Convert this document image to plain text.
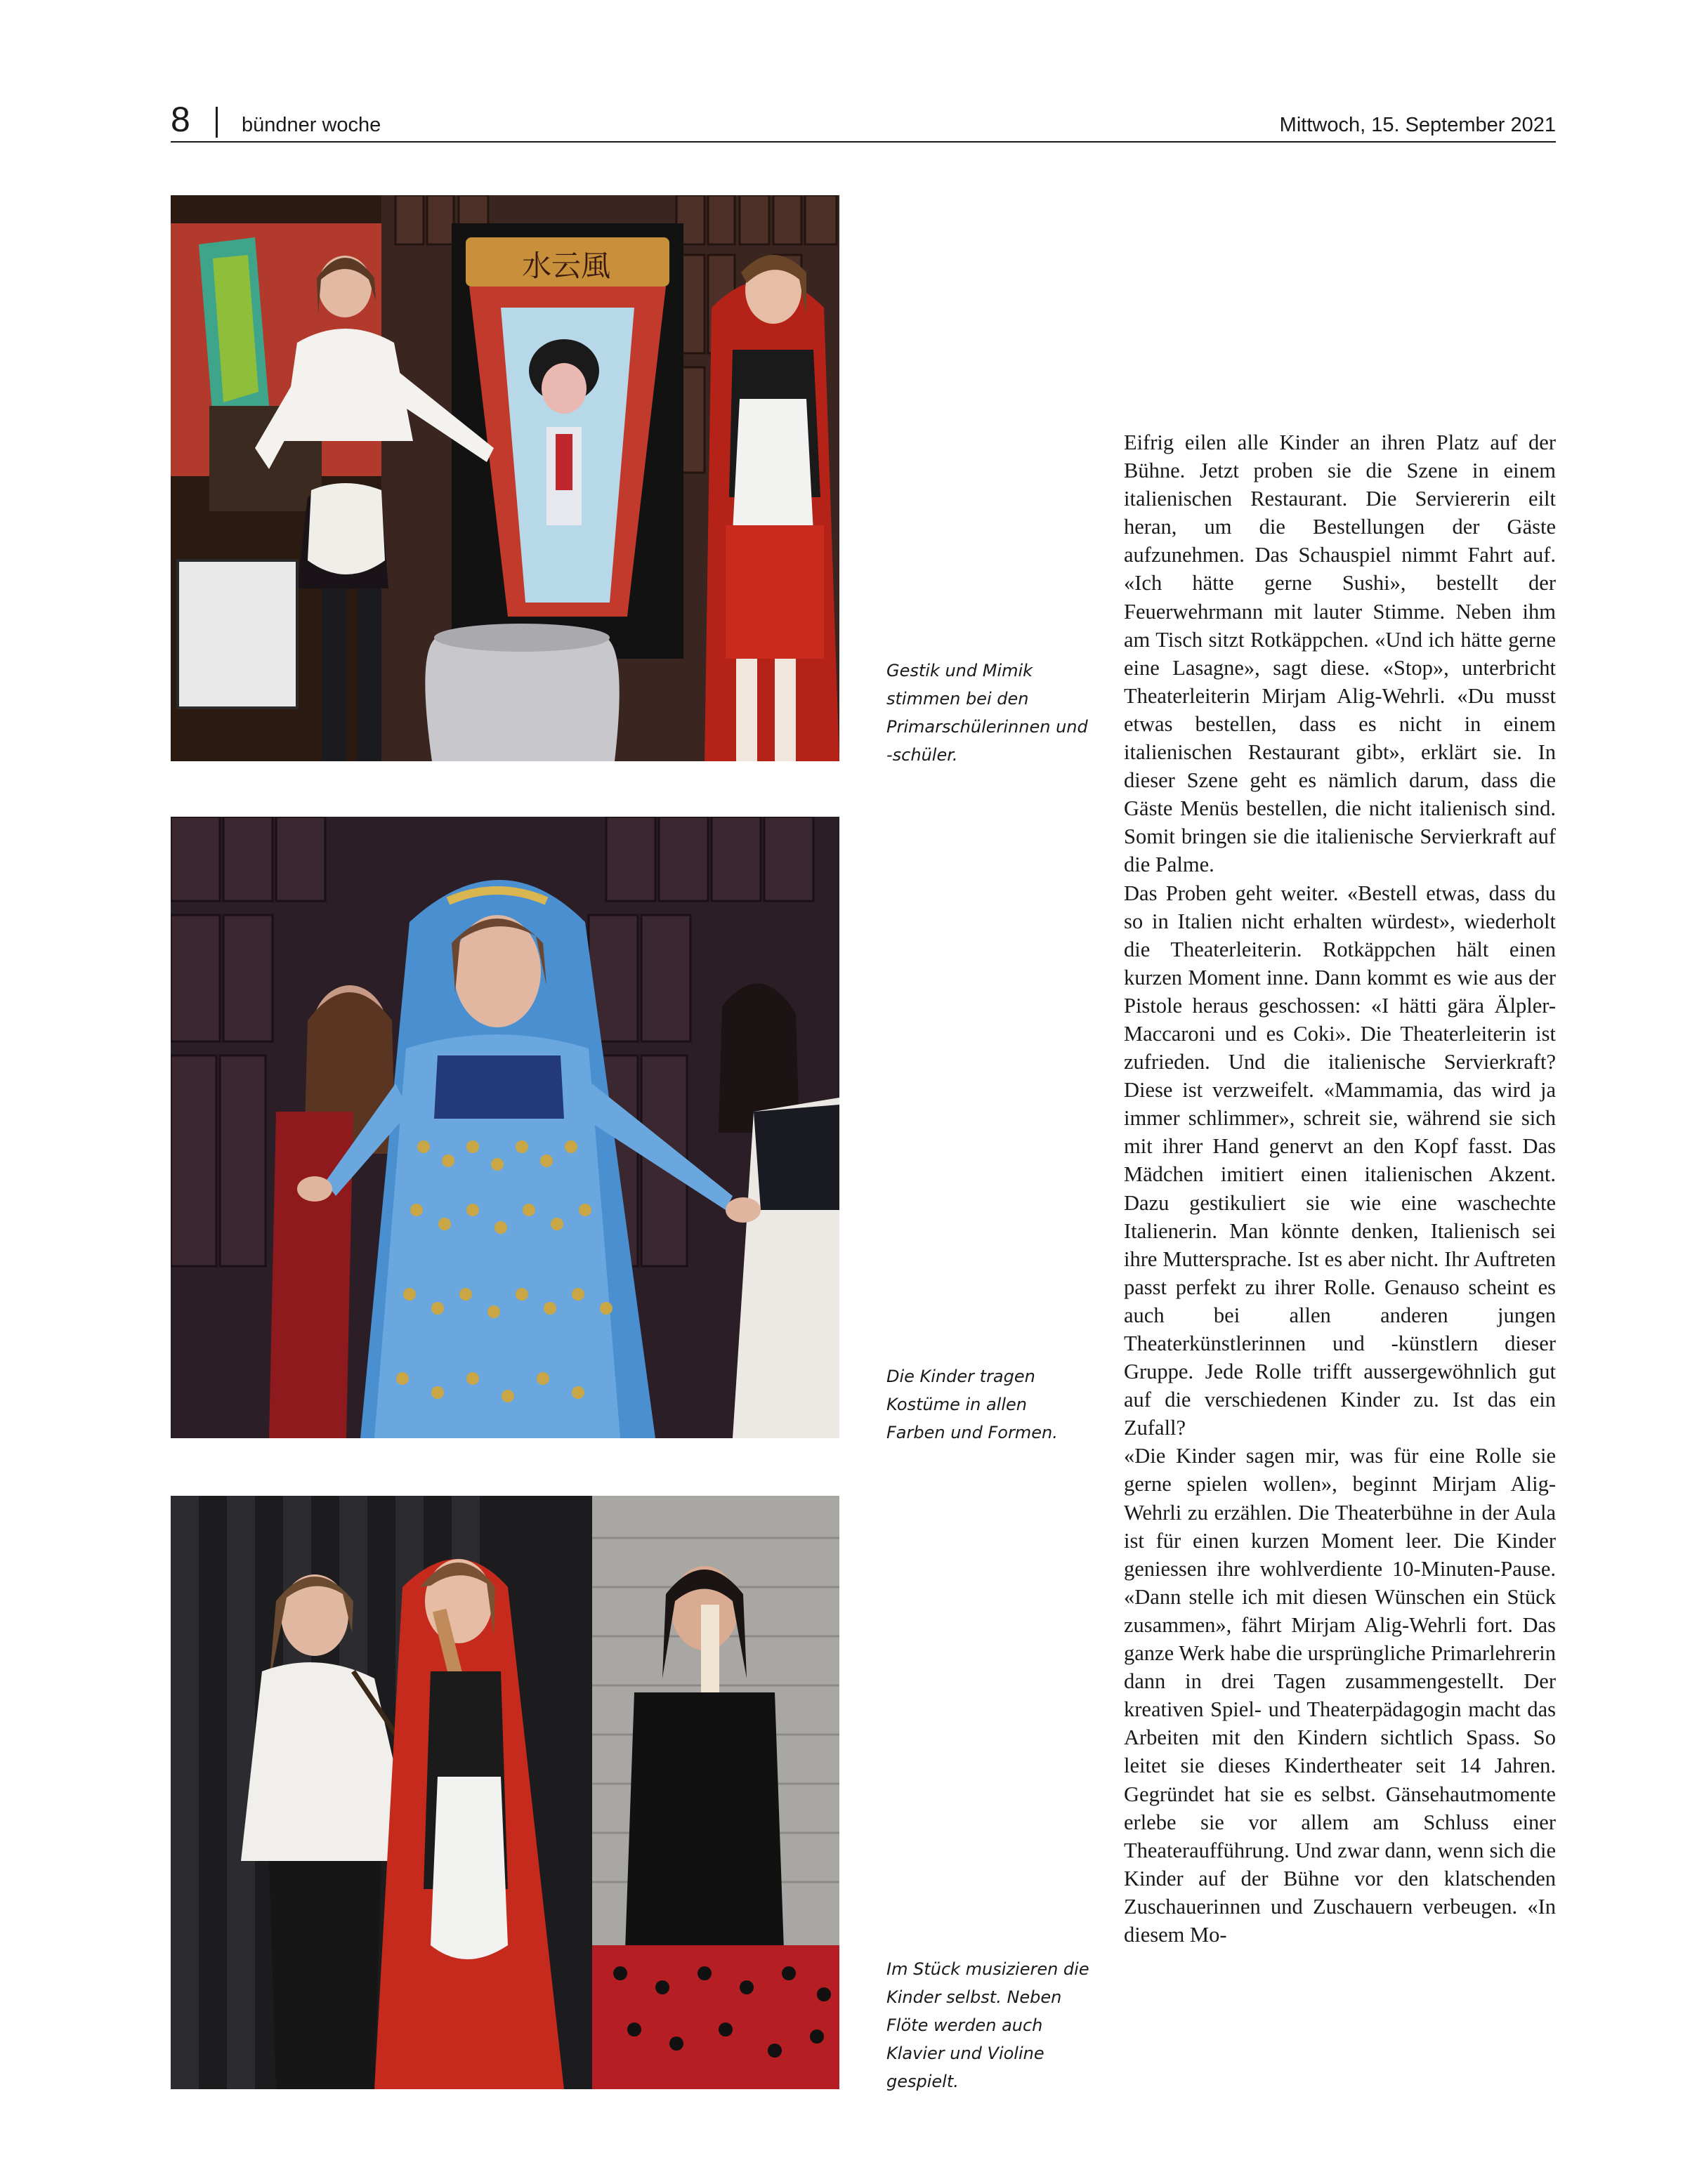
8	bündner woche	Mittwoch, 15. September 2021
水云風
Gestik und Mimik stimmen bei den Primarschülerinnen und -schüler.
Die Kinder tragen Kostüme in allen Farben und Formen.
Im Stück musizieren die Kinder selbst. Neben Flöte werden auch Klavier und Violine gespielt.

Eifrig eilen alle Kinder an ihren Platz auf der Bühne. Jetzt proben sie die Szene in einem italienischen Restaurant. Die Serviererin eilt heran, um die Bestellungen der Gäste aufzunehmen. Das Schauspiel nimmt Fahrt auf. «Ich hätte gerne Sushi», bestellt der Feuerwehrmann mit lauter Stimme. Neben ihm am Tisch sitzt Rotkäppchen. «Und ich hätte gerne eine Lasagne», sagt diese. «Stop», unterbricht Theaterleiterin Mirjam Alig-Wehrli. «Du musst etwas bestellen, dass es nicht in einem italienischen Restaurant gibt», erklärt sie. In dieser Szene geht es nämlich darum, dass die Gäste Menüs bestellen, die nicht italienisch sind. Somit bringen sie die italienische Servierkraft auf die Palme.

Das Proben geht weiter. «Bestell etwas, dass du so in Italien nicht erhalten würdest», wiederholt die Theaterleiterin. Rotkäppchen hält einen kurzen Moment inne. Dann kommt es wie aus der Pistole heraus geschossen: «I hätti gära Älpler-Maccaroni und es Coki». Die Theaterleiterin ist zufrieden. Und die italienische Servierkraft? Diese ist verzweifelt. «Mammamia, das wird ja immer schlimmer», schreit sie, während sie sich mit ihrer Hand genervt an den Kopf fasst. Das Mädchen imitiert einen italienischen Akzent. Dazu gestikuliert sie wie eine waschechte Italienerin. Man könnte denken, Italienisch sei ihre Muttersprache. Ist es aber nicht. Ihr Auftreten passt perfekt zu ihrer Rolle. Genauso scheint es auch bei allen anderen jungen Theaterkünstlerinnen und -künstlern dieser Gruppe. Jede Rolle trifft aussergewöhnlich gut auf die verschiedenen Kinder zu. Ist das ein Zufall?

«Die Kinder sagen mir, was für eine Rolle sie gerne spielen wollen», beginnt Mirjam Alig-Wehrli zu erzählen. Die Theaterbühne in der Aula ist für einen kurzen Moment leer. Die Kinder geniessen ihre wohlverdiente 10-Minuten-Pause. «Dann stelle ich mit diesen Wünschen ein Stück zusammen», fährt Mirjam Alig-Wehrli fort. Das ganze Werk habe die ursprüngliche Primarlehrerin dann in drei Tagen zusammengestellt. Der kreativen Spiel- und Theaterpädagogin macht das Arbeiten mit den Kindern sichtlich Spass. So leitet sie dieses Kindertheater seit 14 Jahren. Gegründet hat sie es selbst. Gänsehautmomente erlebe sie vor allem am Schluss einer Theateraufführung. Und zwar dann, wenn sich die Kinder auf der Bühne vor den klatschenden Zuschauerinnen und Zuschauern verbeugen. «In diesem Mo-
